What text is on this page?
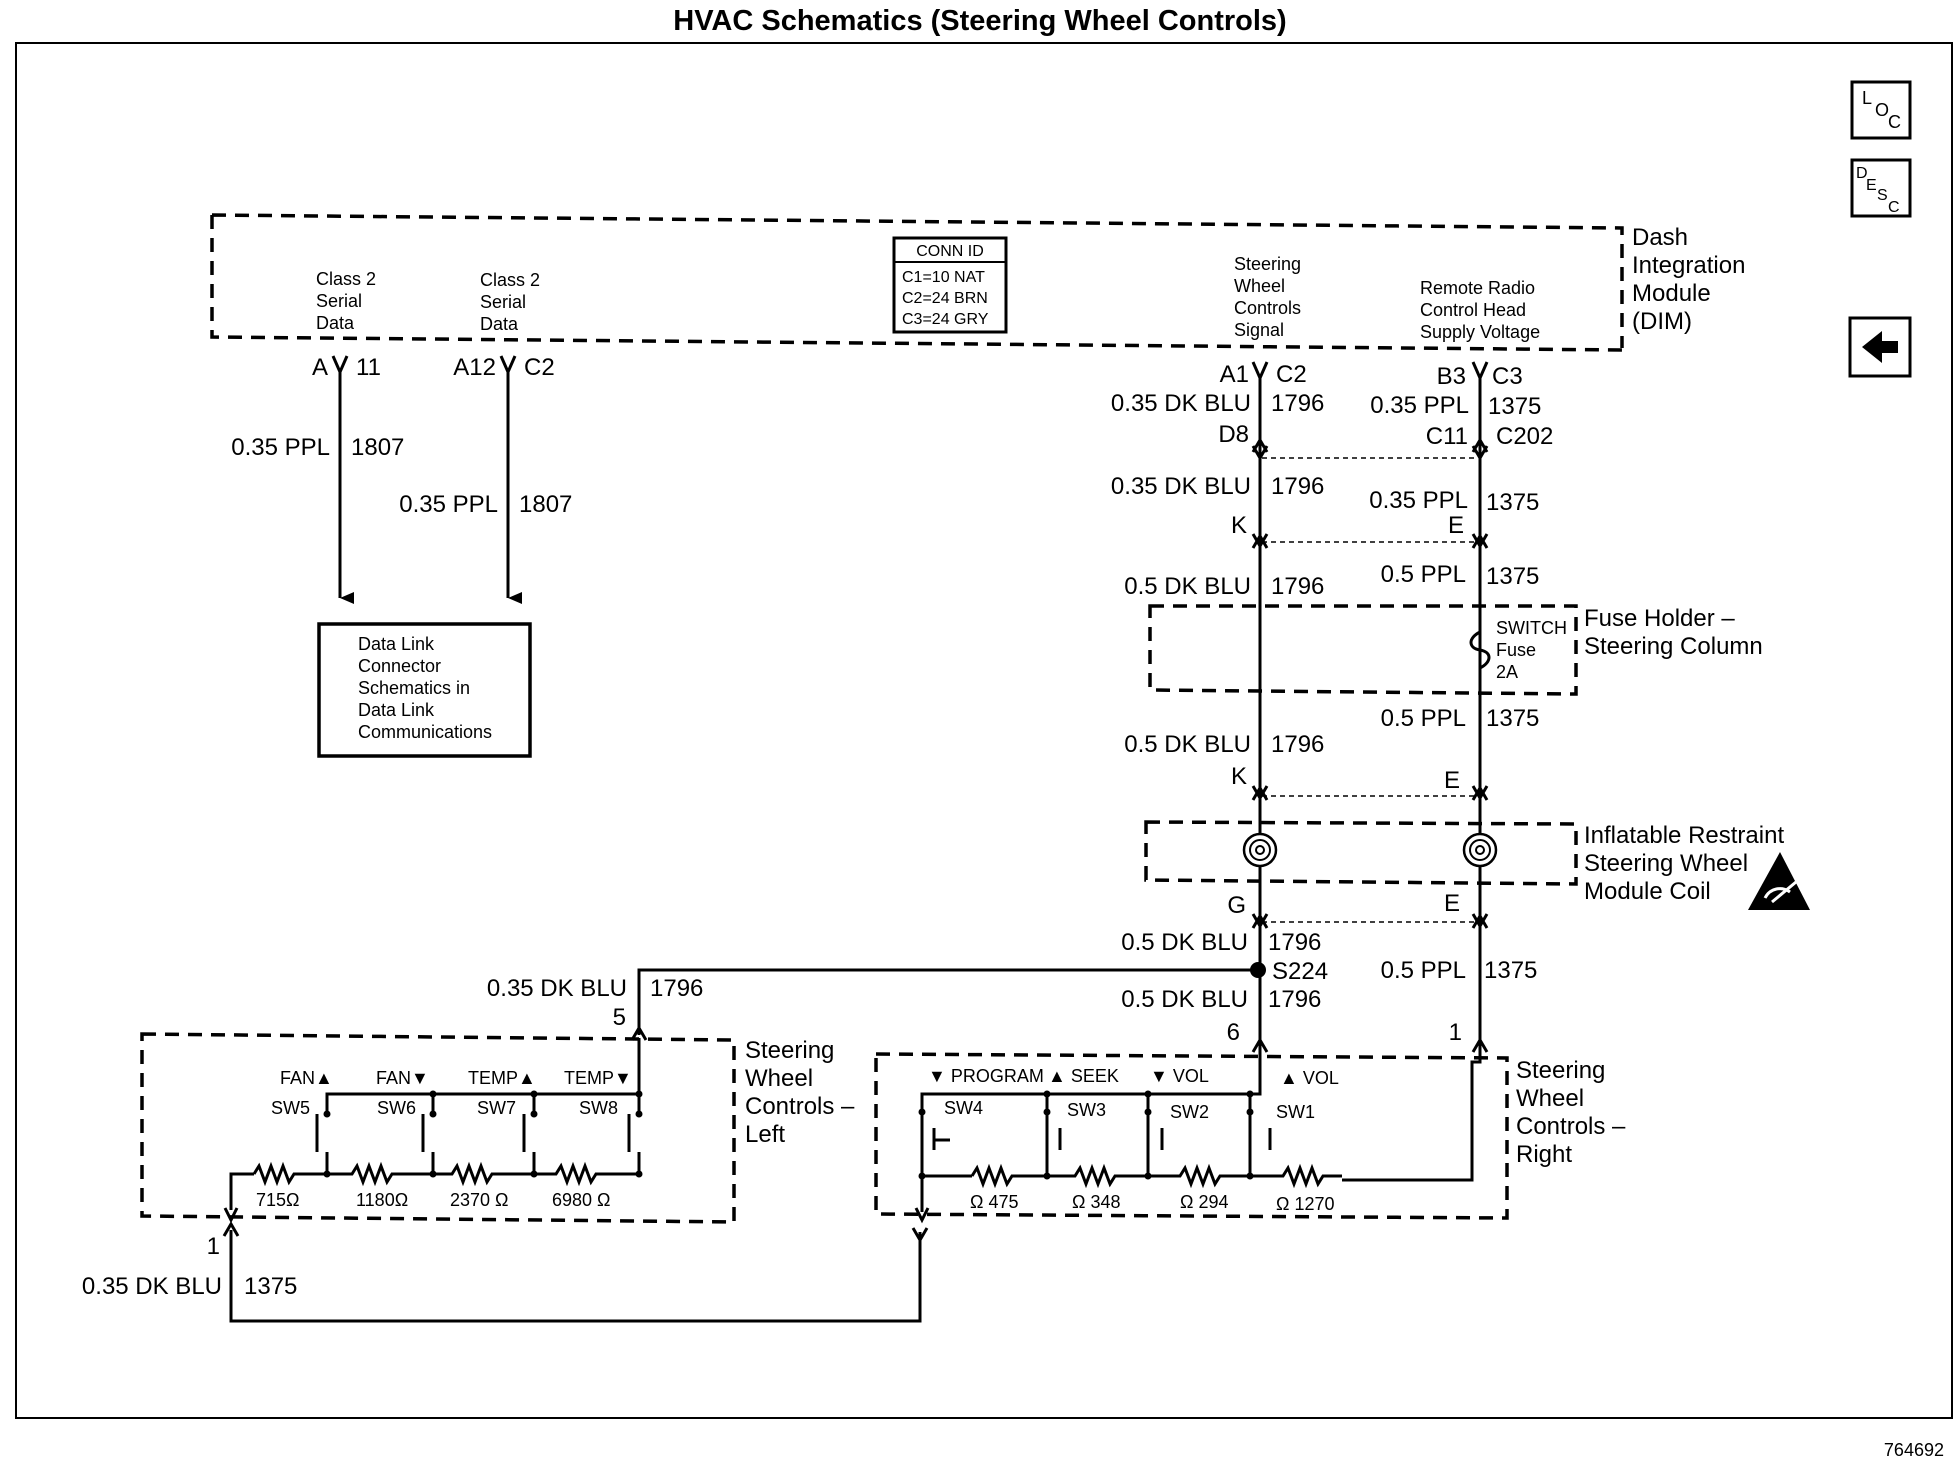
HVAC Schematics (Steering Wheel Controls)
L
O
C
D
E
S
C
Dash
Integration
Module
(DIM)
CONN ID
C1=10 NAT
C2=24 BRN
C3=24 GRY
Class 2
Serial
Data
Class 2
Serial
Data
Steering
Wheel
Controls
Signal
Remote Radio
Control Head
Supply Voltage
A 11
0.35 PPL 1807
A12 C2
0.35 PPL 1807
Data Link
Connector
Schematics in
Data Link
Communications
A1 C2
0.35 DK BLU 1796
D8
0.35 DK BLU 1796
K
0.5 DK BLU 1796
0.5 DK BLU 1796
K
G
0.5 DK BLU 1796
S224
0.5 DK BLU 1796
6
0.35 DK BLU 1796
5
B3 C3
0.35 PPL 1375
C11 C202
0.35 PPL 1375
E
0.5 PPL 1375
0.5 PPL 1375
E
E
0.5 PPL 1375
1
SWITCH
Fuse
2A
Fuse Holder –
Steering Column
Inflatable Restraint
Steering Wheel
Module Coil
Steering
Wheel
Controls –
Left
SW5
FAN▲
715Ω
SW6
FAN▼
1180Ω
SW7
TEMP▲
2370 Ω
SW8
TEMP▼
6980 Ω
Steering
Wheel
Controls –
Right
SW4
▼ PROGRAM
Ω 475
SW3
▲ SEEK
Ω 348
SW2
▼ VOL
Ω 294
SW1
▲ VOL
Ω 1270
1
0.35 DK BLU 1375
764692
